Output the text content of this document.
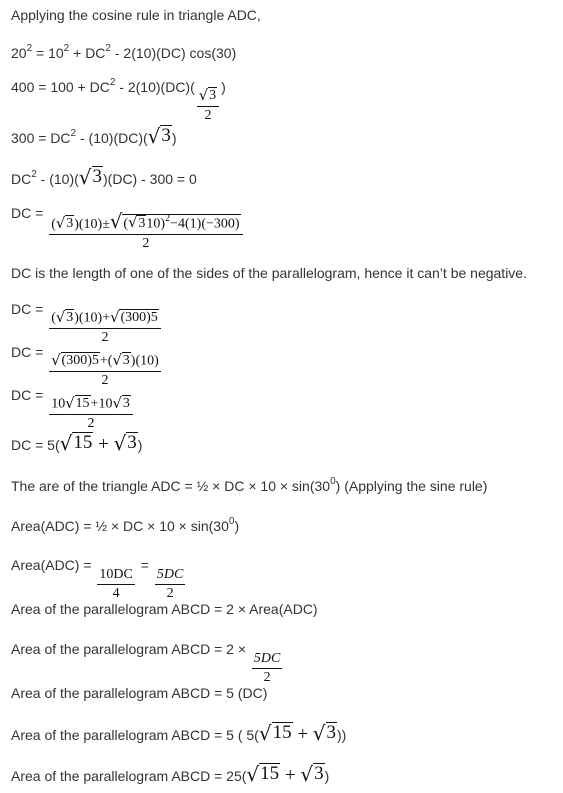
Applying the cosine rule in triangle ADC,
$20^2 = 10^2 + DC^2 - 2(10)(DC)$ cos(30)
$400 = 100 + DC^2 - 2(10)(DC)$(
$\frac{√ 3}{2}$
)
$300 = DC^2 - (10)(DC)$( √ 3 )
$DC^2 - (10)$( √ 3 )(DC) - 300 = 0
DC = $\frac{( √ 3 )(10)\pm √ ( √ 3 10)^2-4(1)(-300)}{2}$
DC is the length of one of the sides of the parallelogram, hence it can’t be negative.
DC =
$\frac{( √ 3 )(10)+ √ (300)5}{2}$
DC =
$\frac{√ (300)5 +( √ 3 )(10)}{2}$
DC =
$\frac{10 √ 15 +10 √ 3}{2}$
DC = 5( √ 15 + √ 3 )
The are of the triangle ADC = ½ × DC × $10 \times \sin(30^0)$ (Applying the sine rule)
Area(ADC) = ½ × DC × $10 \times \sin(30^0)$
Area(ADC) =
$\frac{10DC}{4}$
=
$\frac{5DC}{2}$
Area of the parallelogram ABCD = 2 × Area(ADC)
Area of the parallelogram ABCD = 2 ×
$\frac{5DC}{2}$
Area of the parallelogram ABCD = 5 (DC)
Area of the parallelogram ABCD = 5 ( 5( √ 15 + √ 3 ))
Area of the parallelogram ABCD = 25( √ 15 + √ 3 )
